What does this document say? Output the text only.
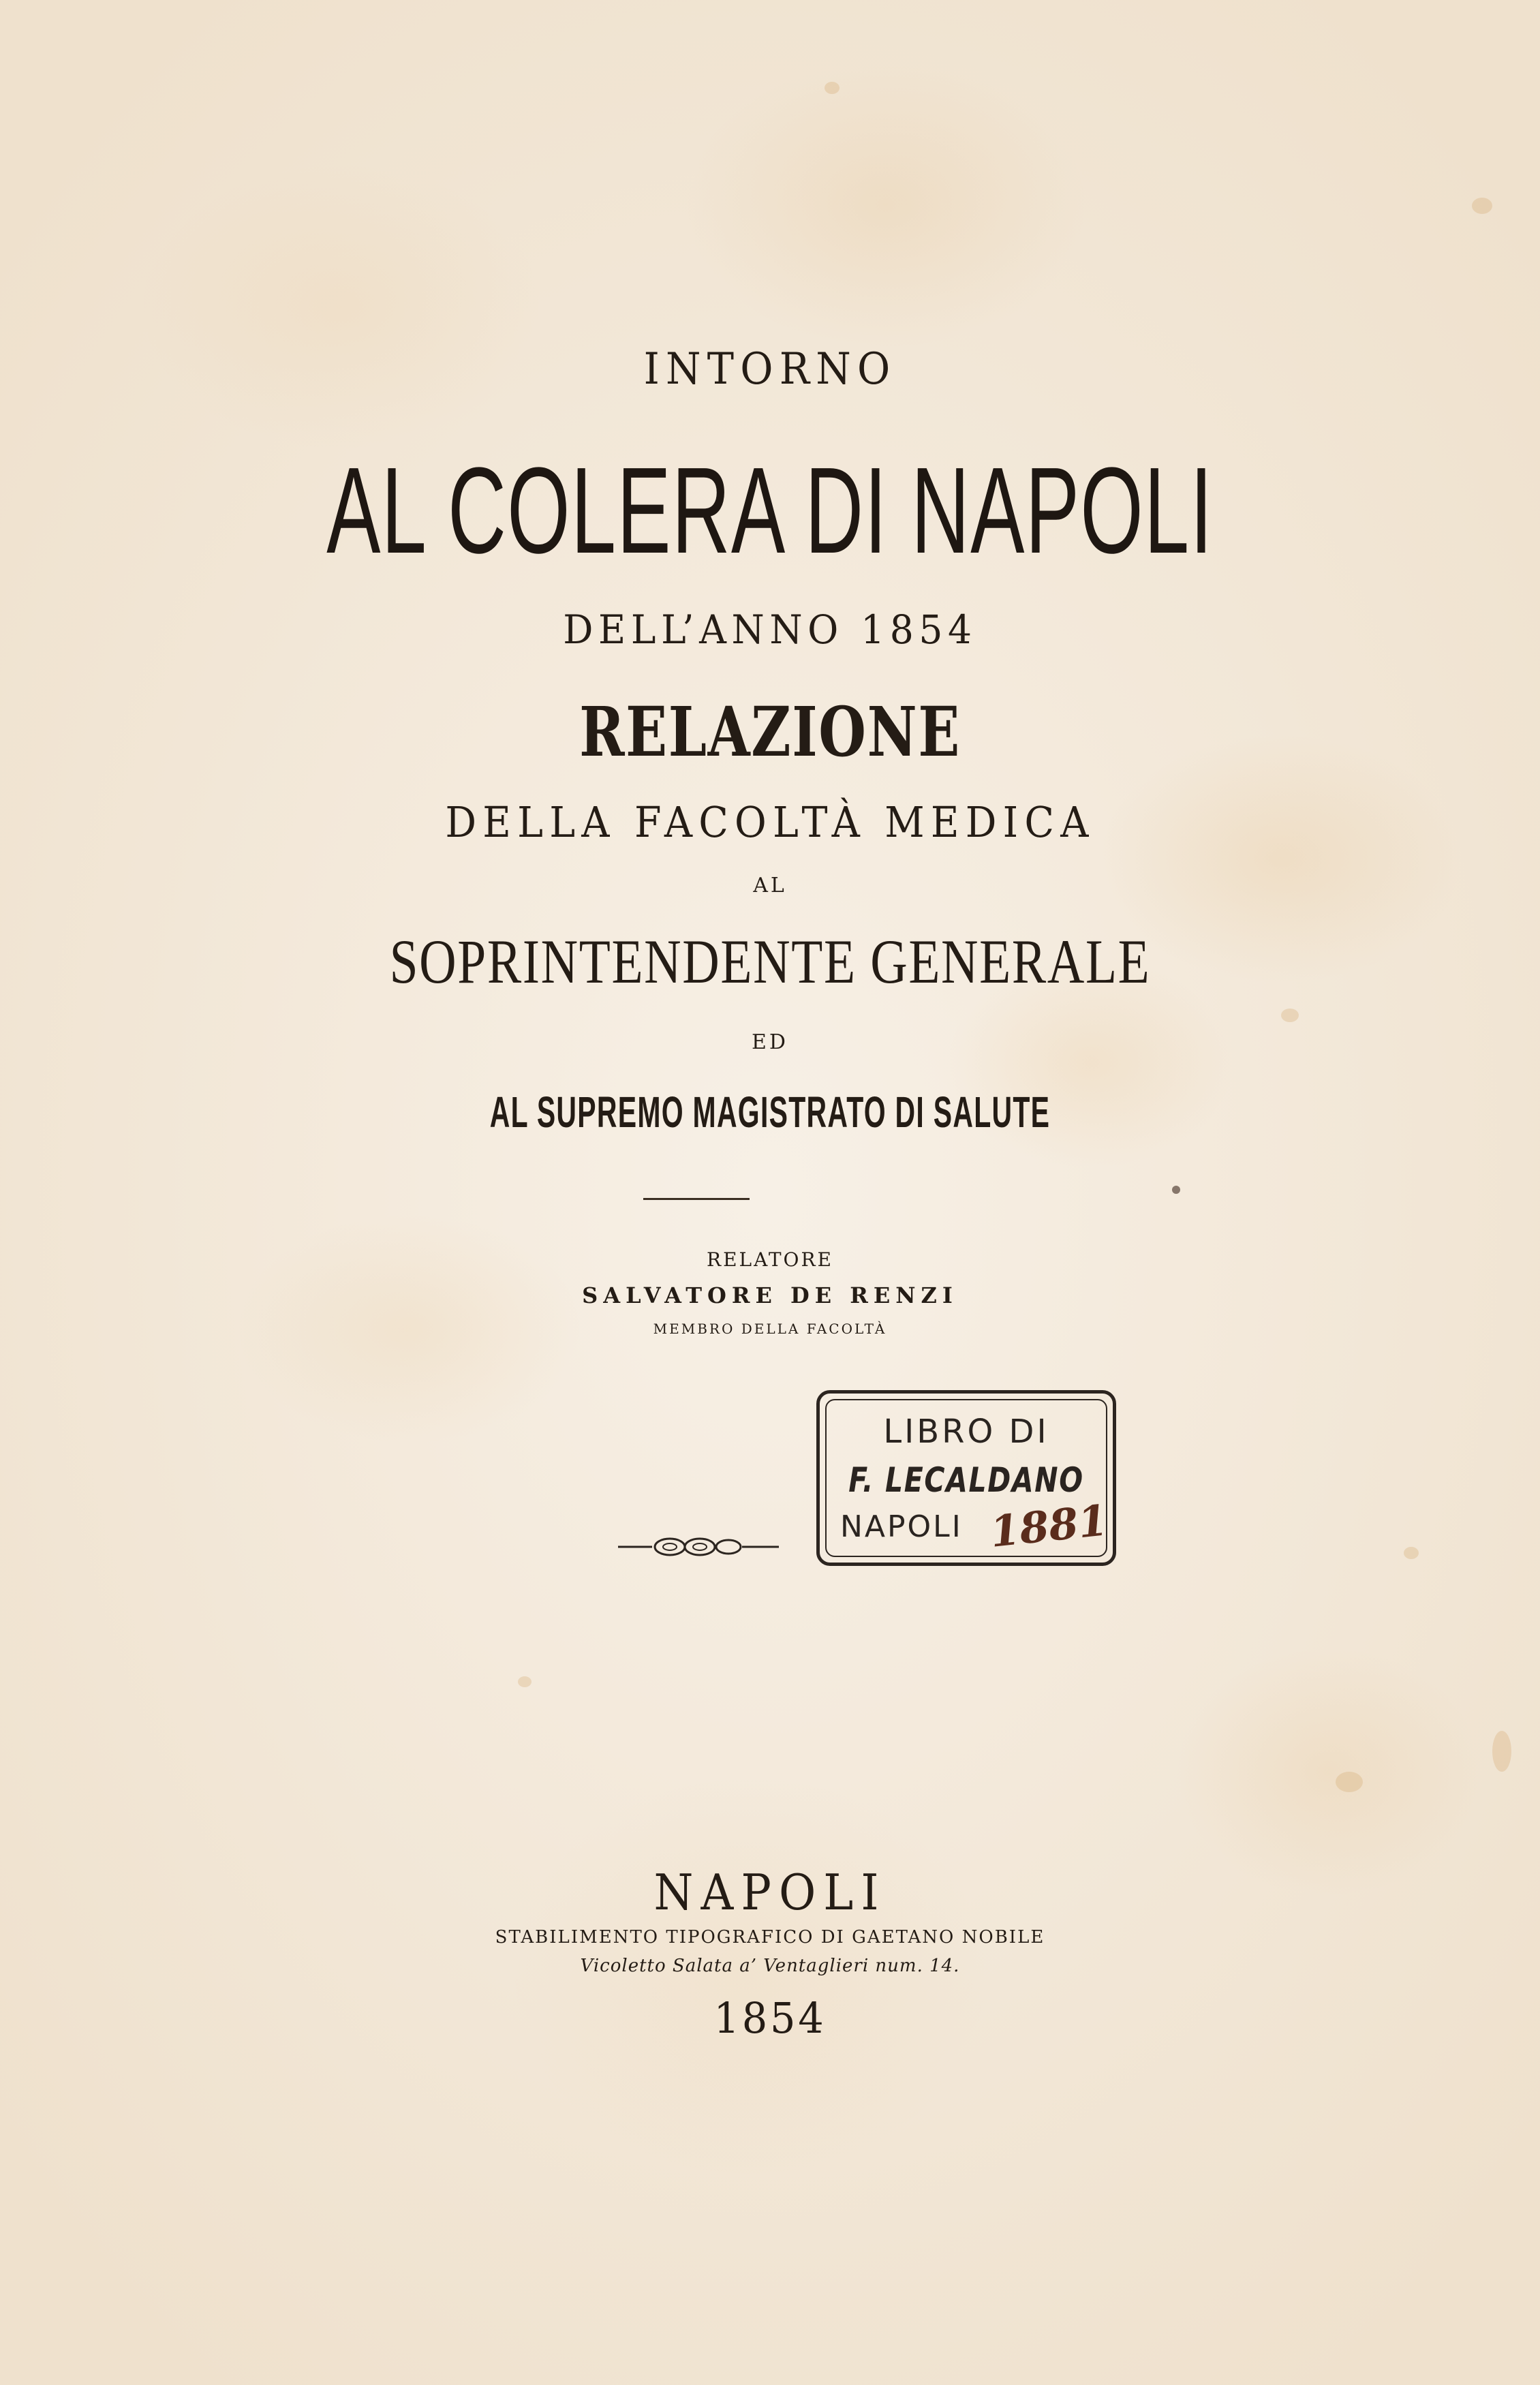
INTORNO
AL COLERA DI NAPOLI
DELL’ANNO 1854
RELAZIONE
DELLA FACOLTÀ MEDICA
AL
SOPRINTENDENTE GENERALE
ED
AL SUPREMO MAGISTRATO DI SALUTE
RELATORE
SALVATORE DE RENZI
MEMBRO DELLA FACOLTÀ
LIBRO DI
F. LECALDANO
NAPOLI 1881
NAPOLI
STABILIMENTO TIPOGRAFICO DI GAETANO NOBILE
Vicoletto Salata a’ Ventaglieri num. 14.
1854
